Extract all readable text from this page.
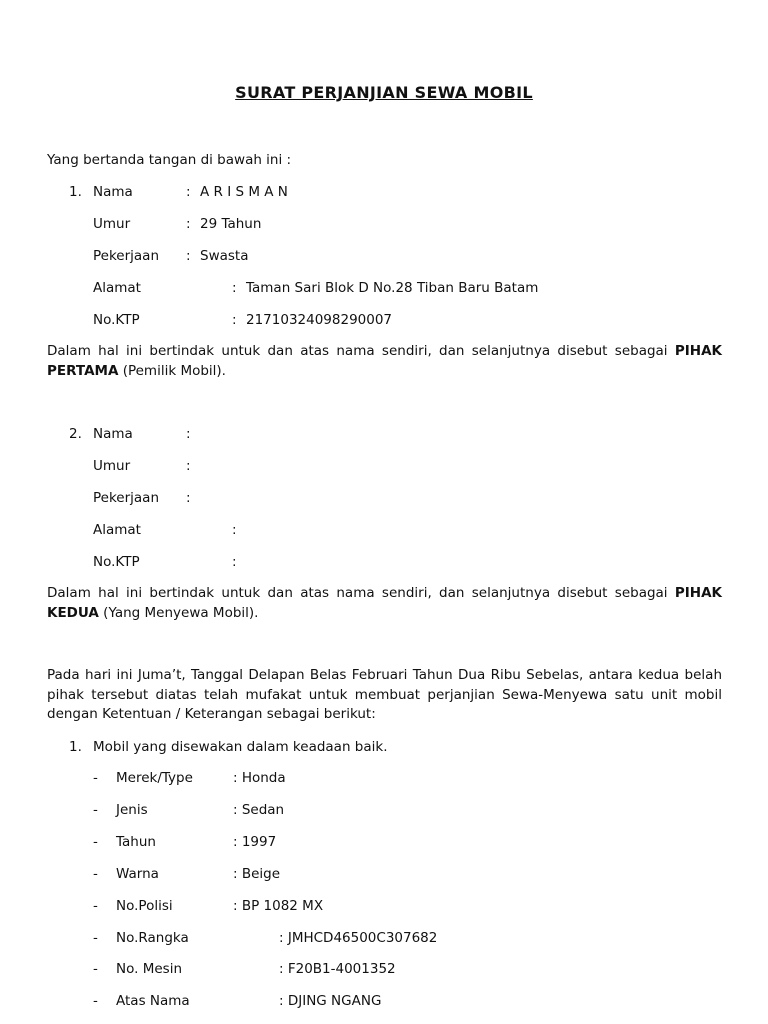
SURAT PERJANJIAN SEWA MOBIL
Yang bertanda tangan di bawah ini :
1. Nama	: A R I S M A N
Umur	: 29 Tahun
Pekerjaan : Swasta
Alamat	: Taman Sari Blok D No.28 Tiban Baru Batam
No.KTP	: 21710324098290007
Dalam hal ini bertindak untuk dan atas nama sendiri, dan selanjutnya disebut sebagai PIHAK PERTAMA (Pemilik Mobil).
2. Nama	:
Umur	:
Pekerjaan :
Alamat	:
No.KTP	:
Dalam hal ini bertindak untuk dan atas nama sendiri, dan selanjutnya disebut sebagai PIHAK KEDUA (Yang Menyewa Mobil).
Pada hari ini Juma’t, Tanggal Delapan Belas Februari Tahun Dua Ribu Sebelas, antara kedua belah pihak tersebut diatas telah mufakat untuk membuat perjanjian Sewa-Menyewa satu unit mobil dengan Ketentuan / Keterangan sebagai berikut:
1. Mobil yang disewakan dalam keadaan baik.
- Merek/Type	: Honda
- Jenis	: Sedan
- Tahun	: 1997
- Warna	: Beige
- No.Polisi	: BP 1082 MX
- No.Rangka	: JMHCD46500C307682
- No. Mesin	: F20B1-4001352
- Atas Nama	: DJING NGANG
